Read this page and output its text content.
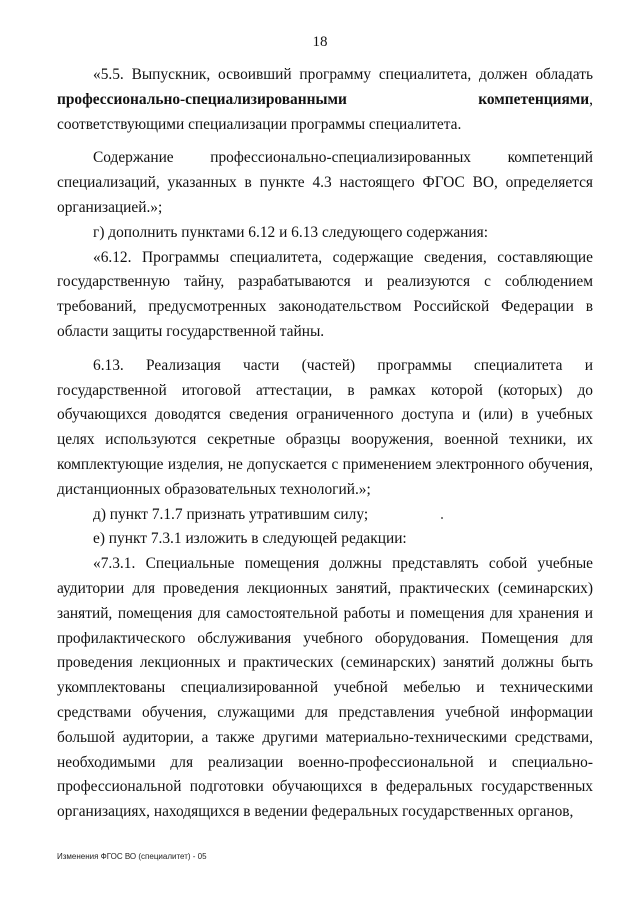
18

«5.5. Выпускник, освоивший программу специалитета, должен обладать профессионально-специализированными компетенциями, соответствующими специализации программы специалитета.

Содержание профессионально-специализированных компетенций специализаций, указанных в пункте 4.3 настоящего ФГОС ВО, определяется организацией.»;

г) дополнить пунктами 6.12 и 6.13 следующего содержания:

«6.12. Программы специалитета, содержащие сведения, составляющие государственную тайну, разрабатываются и реализуются с соблюдением требований, предусмотренных законодательством Российской Федерации в области защиты государственной тайны.

6.13. Реализация части (частей) программы специалитета и государственной итоговой аттестации, в рамках которой (которых) до обучающихся доводятся сведения ограниченного доступа и (или) в учебных целях используются секретные образцы вооружения, военной техники, их комплектующие изделия, не допускается с применением электронного обучения, дистанционных образовательных технологий.»;

д) пункт 7.1.7 признать утратившим силу;

е) пункт 7.3.1 изложить в следующей редакции:

«7.3.1. Специальные помещения должны представлять собой учебные аудитории для проведения лекционных занятий, практических (семинарских) занятий, помещения для самостоятельной работы и помещения для хранения и профилактического обслуживания учебного оборудования. Помещения для проведения лекционных и практических (семинарских) занятий должны быть укомплектованы специализированной учебной мебелью и техническими средствами обучения, служащими для представления учебной информации большой аудитории, а также другими материально-техническими средствами, необходимыми для реализации военно-профессиональной и специально-профессиональной подготовки обучающихся в федеральных государственных организациях, находящихся в ведении федеральных государственных органов,

Изменения ФГОС ВО (специалитет) - 05
